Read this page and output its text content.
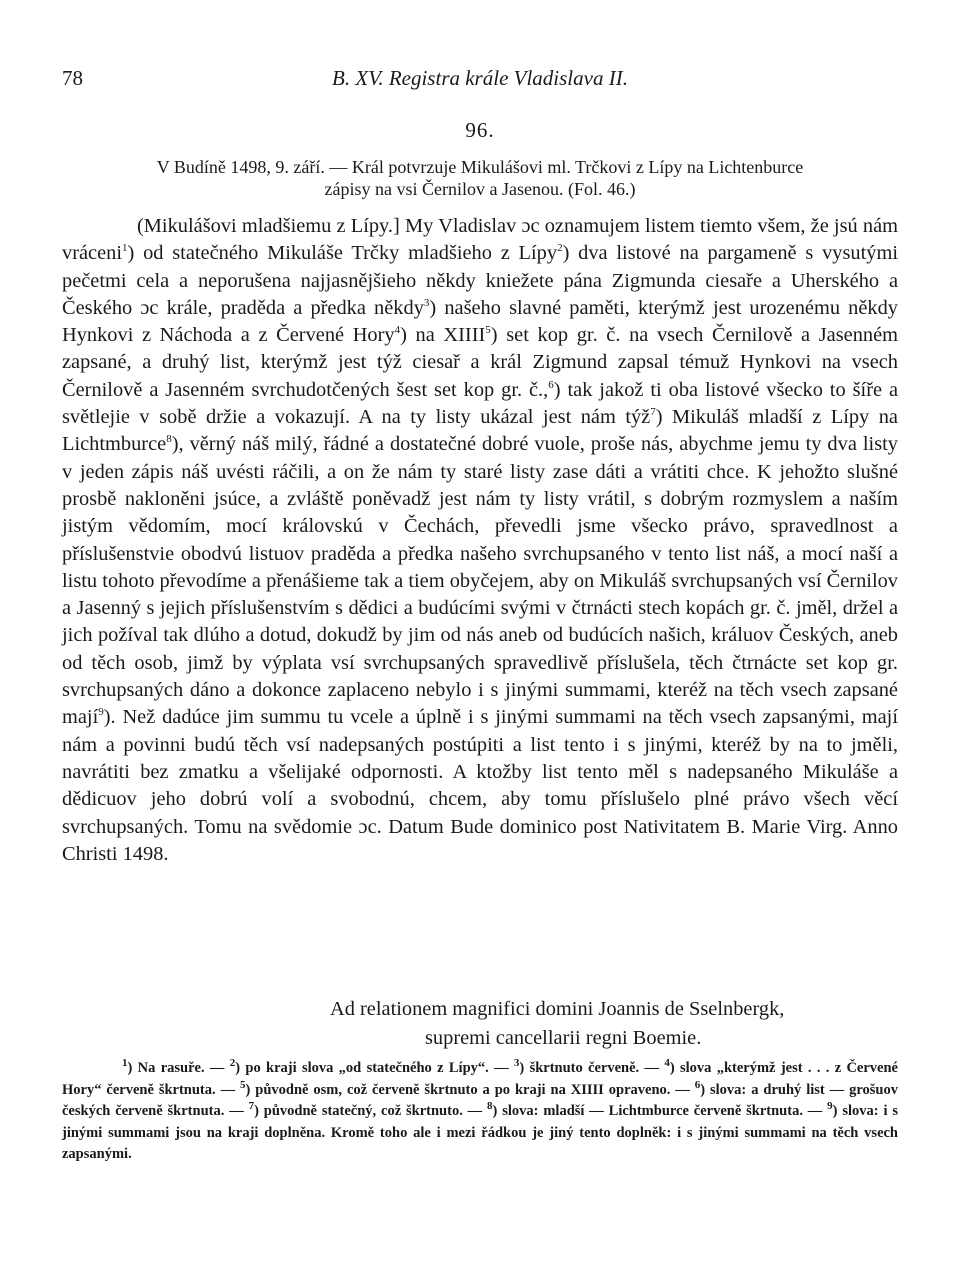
78	B. XV. Registra krále Vladislava II.
96.
V Budíně 1498, 9. září. — Král potvrzuje Mikulášovi ml. Trčkovi z Lípy na Lichtenburce
zápisy na vsi Černilov a Jasenou. (Fol. 46.)

(Mikulášovi mladšiemu z Lípy.] My Vladislav ɔc oznamujem listem tiemto všem, že jsú nám vráceni$^1$) od statečného Mikuláše Trčky mladšieho z Lípy$^2$) dva listové na pargameně s vysutými pečetmi cela a neporušena najjasnějšieho někdy kniežete pána Zigmunda ciesaře a Uherského a Českého ɔc krále, praděda a předka někdy$^3$) našeho slavné paměti, kterýmž jest urozenému někdy Hynkovi z Náchoda a z Červené Hory$^4$) na XIIII$^5$) set kop gr. č. na vsech Černilově a Jasenném zapsané, a druhý list, kterýmž jest týž ciesař a král Zigmund zapsal témuž Hynkovi na vsech Černilově a Jasenném svrchudotčených šest set kop gr. č.,$^6$) tak jakož ti oba listové všecko to šíře a světlejie v sobě držie a vokazují. A na ty listy ukázal jest nám týž$^7$) Mikuláš mladší z Lípy na Lichtmburce$^8$), věrný náš milý, řádné a dostatečné dobré vuole, proše nás, abychme jemu ty dva listy v jeden zápis náš uvésti ráčili, a on že nám ty staré listy zase dáti a vrátiti chce. K jehožto slušné prosbě nakloněni jsúce, a zvláště poněvadž jest nám ty listy vrátil, s dobrým rozmyslem a naším jistým vědomím, mocí královskú v Čechách, převedli jsme všecko právo, spravedlnost a příslušenstvie obodvú listuov praděda a předka našeho svrchupsaného v tento list náš, a mocí naší a listu tohoto převodíme a přenášieme tak a tiem obyčejem, aby on Mikuláš svrchupsaných vsí Černilov a Jasenný s jejich příslušenstvím s dědici a budúcími svými v čtrnácti stech kopách gr. č. jměl, držel a jich požíval tak dlúho a dotud, dokudž by jim od nás aneb od budúcích našich, králuov Českých, aneb od těch osob, jimž by výplata vsí svrchupsaných spravedlivě příslušela, těch čtrnácte set kop gr. svrchupsaných dáno a dokonce zaplaceno nebylo i s jinými summami, kteréž na těch vsech zapsané mají$^9$). Než dadúce jim summu tu vcele a úplně i s jinými summami na těch vsech zapsanými, mají nám a povinni budú těch vsí nadepsaných postúpiti a list tento i s jinými, kteréž by na to jměli, navrátiti bez zmatku a všelijaké odpornosti. A ktožby list tento měl s nadepsaného Mikuláše a dědicuov jeho dobrú volí a svobodnú, chcem, aby tomu příslušelo plné právo všech věcí svrchupsaných. Tomu na svědomie ɔc. Datum Bude dominico post Nativitatem B. Marie Virg. Anno Christi 1498.

Ad relationem magnifici domini Joannis de Sselnbergk,
supremi cancellarii regni Boemie.

$^1$) Na rasuře. — $^2$) po kraji slova „od statečného z Lípy“. — $^3$) škrtnuto červeně. — $^4$) slova „kterýmž jest . . . z Červené Hory“ červeně škrtnuta. — $^5$) původně osm, což červeně škrtnuto a po kraji na XIIII opraveno. — $^6$) slova: a druhý list — grošuov českých červeně škrtnuta. — $^7$) původně statečný, což škrtnuto. — $^8$) slova: mladší — Lichtmburce červeně škrtnuta. — $^9$) slova: i s jinými summami jsou na kraji doplněna. Kromě toho ale i mezi řádkou je jiný tento doplněk: i s jinými summami na těch vsech zapsanými.
